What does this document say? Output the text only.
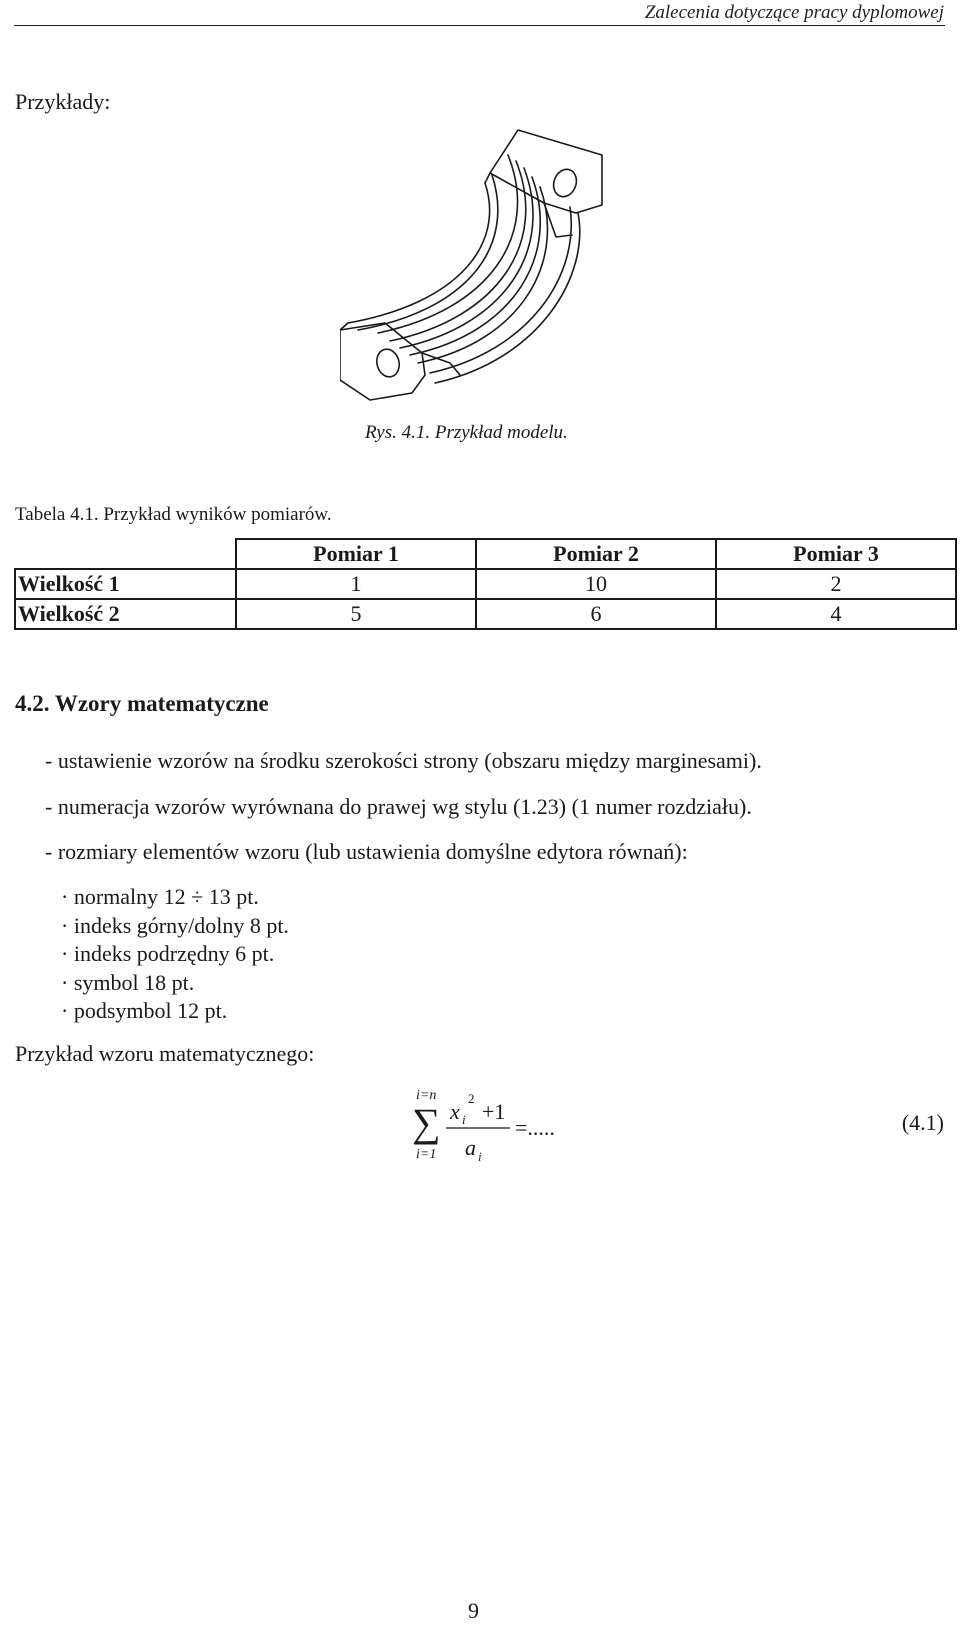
Zalecenia dotyczące pracy dyplomowej
Przykłady:
Rys. 4.1. Przykład modelu.
Tabela 4.1. Przykład wyników pomiarów.
	Pomiar 1	Pomiar 2	Pomiar 3
Wielkość 1	1	10	2
Wielkość 2	5	6	4
4.2. Wzory matematyczne
- ustawienie wzorów na środku szerokości strony (obszaru między marginesami).
- numeracja wzorów wyrównana do prawej wg stylu (1.23) (1 numer rozdziału).
- rozmiary elementów wzoru (lub ustawienia domyślne edytora równań):
· normalny 12 ÷ 13 pt.
· indeks górny/dolny 8 pt.
· indeks podrzędny 6 pt.
· symbol 18 pt.
· podsymbol 12 pt.
Przykład wzoru matematycznego:
i=n
∑
i=1
x i
2
+1
a i
=.....	(4.1)
9
